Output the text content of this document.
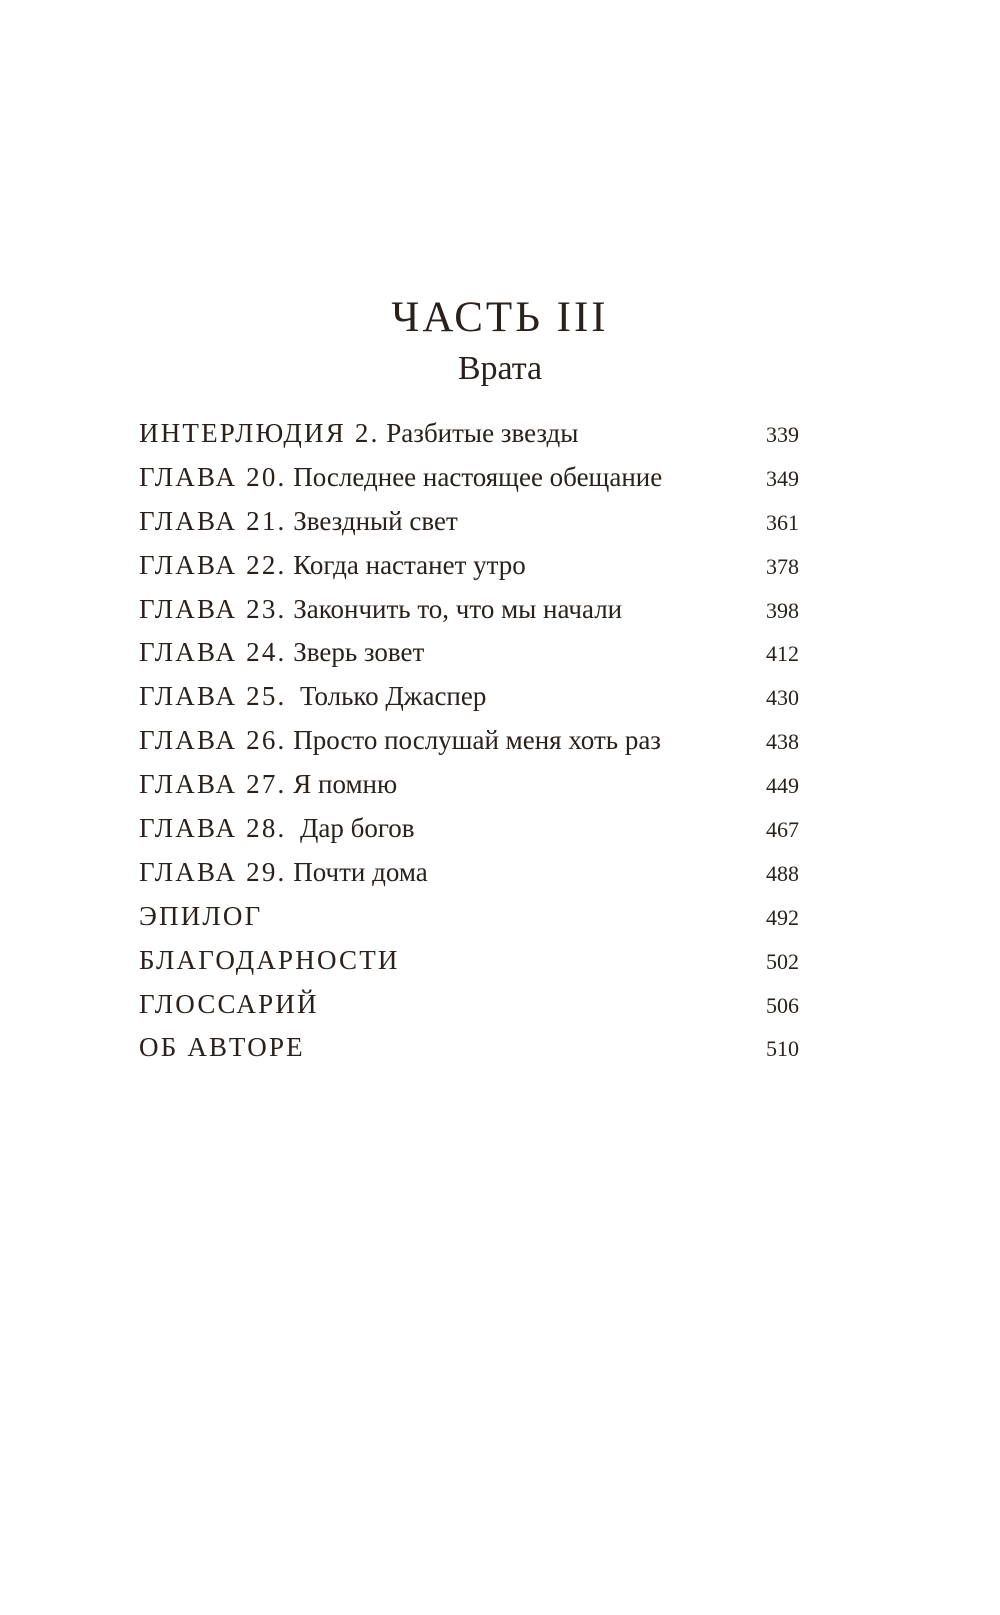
ЧАСТЬ III
Врата
ИНТЕРЛЮДИЯ 2. Разбитые звезды	339
ГЛАВА 20. Последнее настоящее обещание	349
ГЛАВА 21. Звездный свет	361
ГЛАВА 22. Когда настанет утро	378
ГЛАВА 23. Закончить то, что мы начали	398
ГЛАВА 24. Зверь зовет	412
ГЛАВА 25.  Только Джаспер	430
ГЛАВА 26. Просто послушай меня хоть раз	438
ГЛАВА 27. Я помню	449
ГЛАВА 28.  Дар богов	467
ГЛАВА 29. Почти дома	488
ЭПИЛОГ	492
БЛАГОДАРНОСТИ	502
ГЛОССАРИЙ	506
ОБ АВТОРЕ	510
